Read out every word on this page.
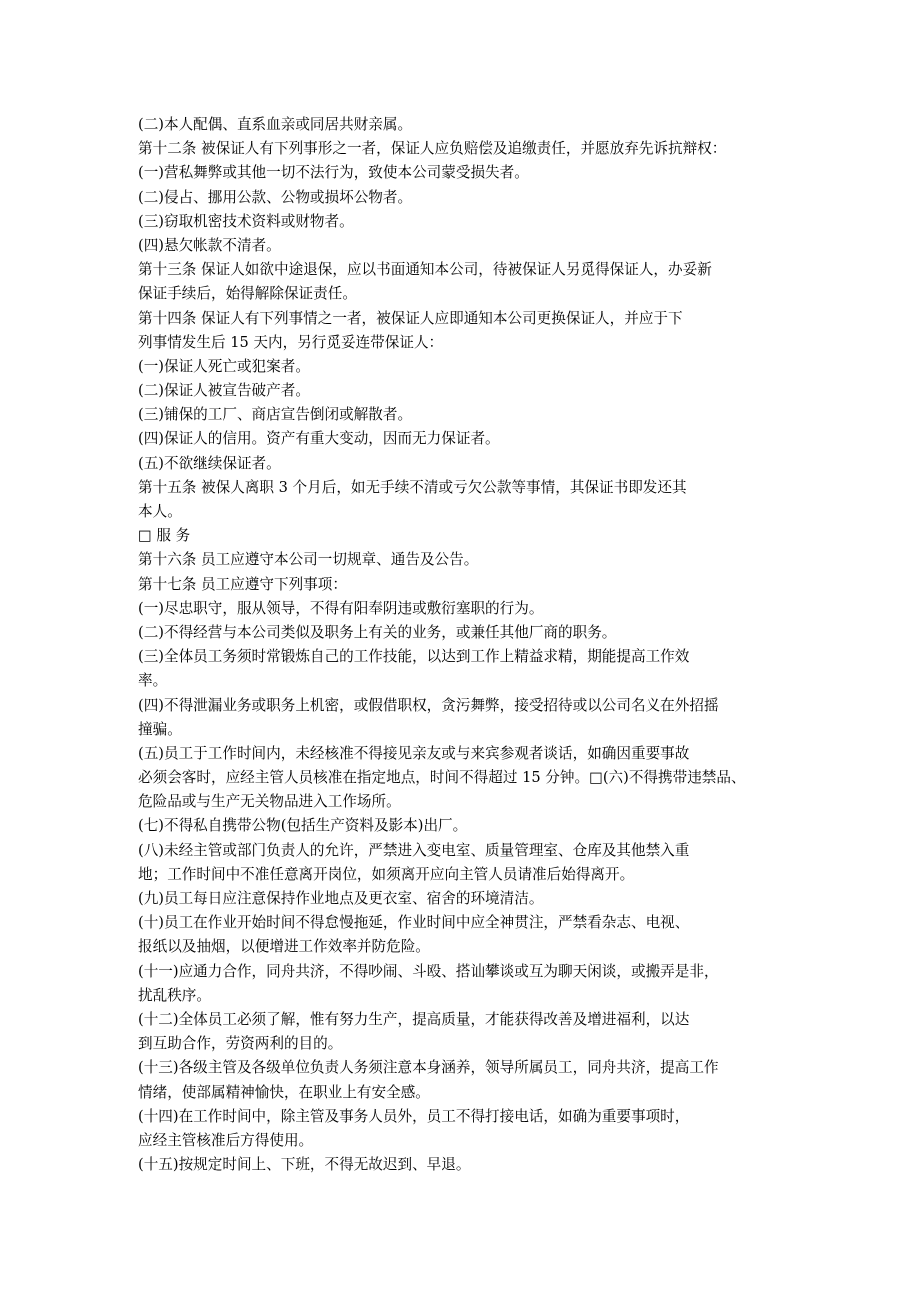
(二)本人配偶、直系血亲或同居共财亲属。
第十二条 被保证人有下列事形之一者，保证人应负赔偿及追缴责任，并愿放弃先诉抗辩权：
(一)营私舞弊或其他一切不法行为，致使本公司蒙受损失者。
(二)侵占、挪用公款、公物或损坏公物者。
(三)窃取机密技术资料或财物者。
(四)悬欠帐款不清者。
第十三条 保证人如欲中途退保，应以书面通知本公司，待被保证人另觅得保证人，办妥新
保证手续后，始得解除保证责任。
第十四条 保证人有下列事情之一者，被保证人应即通知本公司更换保证人，并应于下
列事情发生后 15 天内，另行觅妥连带保证人：
(一)保证人死亡或犯案者。
(二)保证人被宣告破产者。
(三)铺保的工厂、商店宣告倒闭或解散者。
(四)保证人的信用。资产有重大变动，因而无力保证者。
(五)不欲继续保证者。
第十五条 被保人离职 3 个月后，如无手续不清或亏欠公款等事情，其保证书即发还其
本人。
□ 服 务
第十六条 员工应遵守本公司一切规章、通告及公告。
第十七条 员工应遵守下列事项：
(一)尽忠职守，服从领导，不得有阳奉阴违或敷衍塞职的行为。
(二)不得经营与本公司类似及职务上有关的业务，或兼任其他厂商的职务。
(三)全体员工务须时常锻炼自己的工作技能，以达到工作上精益求精，期能提高工作效
率。
(四)不得泄漏业务或职务上机密，或假借职权，贪污舞弊，接受招待或以公司名义在外招摇
撞骗。
(五)员工于工作时间内，未经核准不得接见亲友或与来宾参观者谈话，如确因重要事故
必须会客时，应经主管人员核准在指定地点，时间不得超过 15 分钟。□(六)不得携带违禁品、
危险品或与生产无关物品进入工作场所。
(七)不得私自携带公物(包括生产资料及影本)出厂。
(八)未经主管或部门负责人的允许，严禁进入变电室、质量管理室、仓库及其他禁入重
地；工作时间中不准任意离开岗位，如须离开应向主管人员请准后始得离开。
(九)员工每日应注意保持作业地点及更衣室、宿舍的环境清洁。
(十)员工在作业开始时间不得怠慢拖延，作业时间中应全神贯注，严禁看杂志、电视、
报纸以及抽烟，以便增进工作效率并防危险。
(十一)应通力合作，同舟共济，不得吵闹、斗殴、搭讪攀谈或互为聊天闲谈，或搬弄是非，
扰乱秩序。
(十二)全体员工必须了解，惟有努力生产，提高质量，才能获得改善及增进福利，以达
到互助合作，劳资两利的目的。
(十三)各级主管及各级单位负责人务须注意本身涵养，领导所属员工，同舟共济，提高工作
情绪，使部属精神愉快，在职业上有安全感。
(十四)在工作时间中，除主管及事务人员外，员工不得打接电话，如确为重要事项时，
应经主管核准后方得使用。
(十五)按规定时间上、下班，不得无故迟到、早退。
